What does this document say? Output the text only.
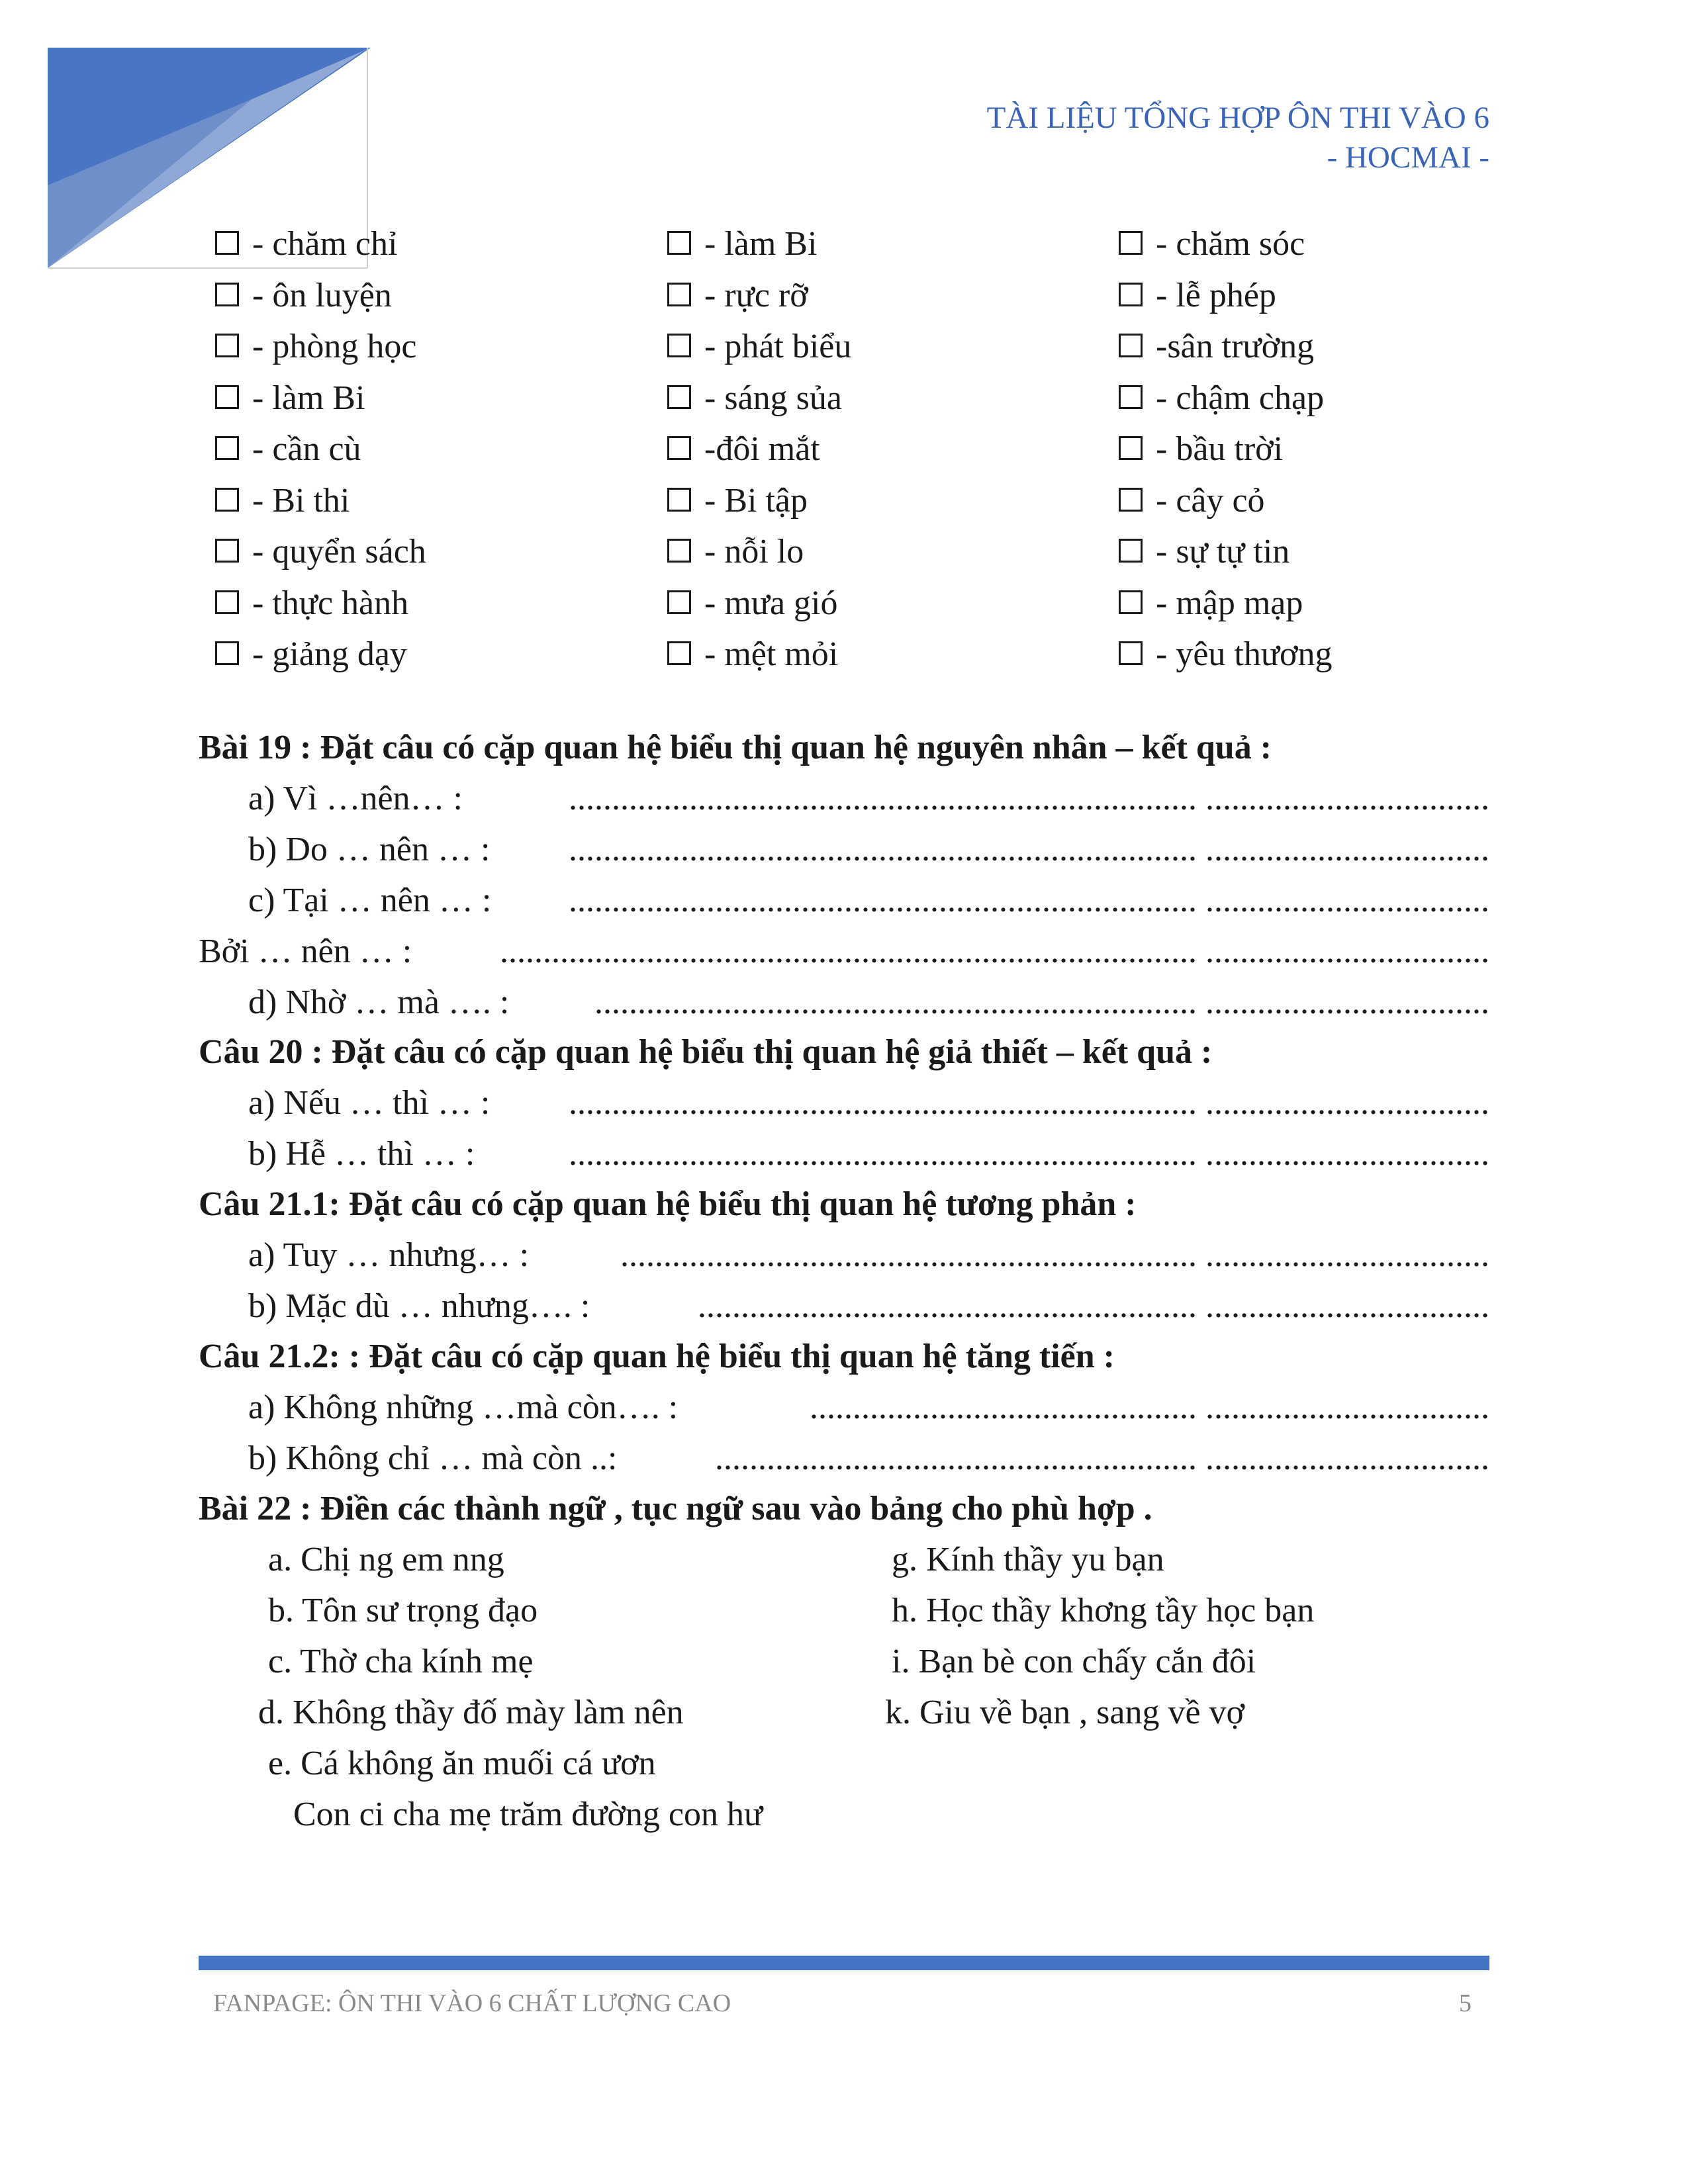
TÀI LIỆU TỔNG HỢP ÔN THI VÀO 6
- HOCMAI -
- chăm chỉ
- ôn luyện
- phòng học
- làm Bi
- cần cù
- Bi thi
- quyển sách
- thực hành
- giảng dạy
- làm Bi
- rực rỡ
- phát biểu
- sáng sủa
-đôi mắt
- Bi tập
- nỗi lo
- mưa gió
- mệt mỏi
- chăm sóc
- lễ phép
-sân trường
- chậm chạp
- bầu trời
- cây cỏ
- sự tự tin
- mập mạp
- yêu thương
Bài 19 : Đặt câu có cặp quan hệ biểu thị quan hệ nguyên nhân – kết quả :
a) Vì …nên… :	......................................................................... .................................
b) Do … nên … :	......................................................................... .................................
c) Tại … nên … :	......................................................................... .................................
Bởi … nên … :	................................................................................. .................................
d) Nhờ … mà …. :	...................................................................... .................................
Câu 20 : Đặt câu có cặp quan hệ biểu thị quan hệ giả thiết – kết quả :
a) Nếu … thì … :	......................................................................... .................................
b) Hễ … thì … :	......................................................................... .................................
Câu 21.1: Đặt câu có cặp quan hệ biểu thị quan hệ tương phản :
a) Tuy … nhưng… :	................................................................... .................................
b) Mặc dù … nhưng…. :	.......................................................... .................................
Câu 21.2: : Đặt câu có cặp quan hệ biểu thị quan hệ tăng tiến :
a) Không những …mà còn…. :	............................................. .................................
b) Không chỉ … mà còn ..:	........................................................ .................................
Bài 22 : Điền các thành ngữ , tục ngữ sau vào bảng cho phù hợp .
a. Chị ng em nng
b. Tôn sư trọng đạo
c. Thờ cha kính mẹ
d. Không thầy đố mày làm nên
e. Cá không ăn muối cá ươn
Con ci cha mẹ trăm đường con hư
g. Kính thầy yu bạn
h. Học thầy khơng tầy học bạn
i. Bạn bè con chấy cắn đôi
k. Giu về bạn , sang về vợ
FANPAGE: ÔN THI VÀO 6 CHẤT LƯỢNG CAO	5
